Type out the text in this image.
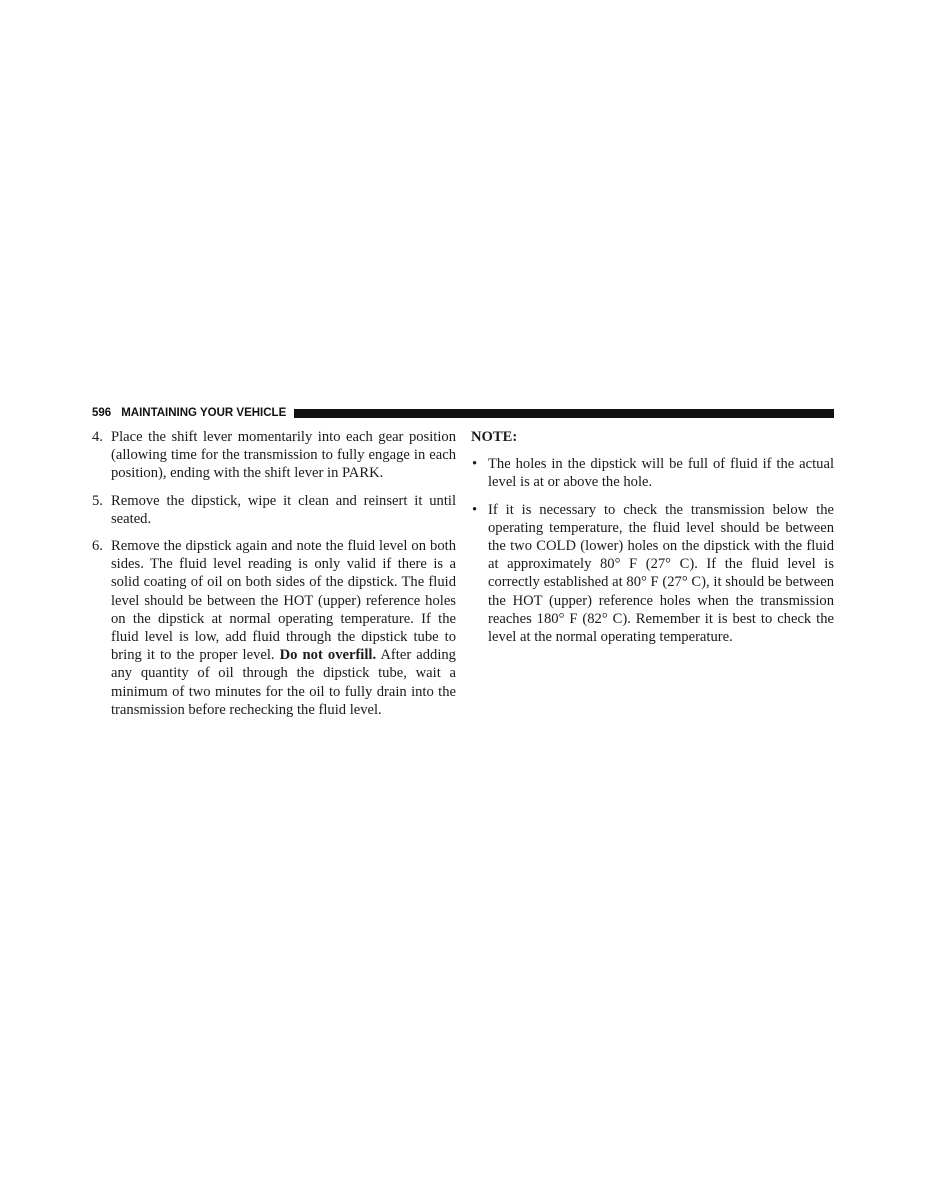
596 MAINTAINING YOUR VEHICLE
4. Place the shift lever momentarily into each gear position (allowing time for the transmission to fully engage in each position), ending with the shift lever in PARK.
5. Remove the dipstick, wipe it clean and reinsert it until seated.
6. Remove the dipstick again and note the fluid level on both sides. The fluid level reading is only valid if there is a solid coating of oil on both sides of the dipstick. The fluid level should be between the HOT (upper) reference holes on the dipstick at normal operating temperature. If the fluid level is low, add fluid through the dipstick tube to bring it to the proper level. Do not overfill. After adding any quantity of oil through the dipstick tube, wait a minimum of two minutes for the oil to fully drain into the transmission before rechecking the fluid level.
NOTE:
• The holes in the dipstick will be full of fluid if the actual level is at or above the hole.
• If it is necessary to check the transmission below the operating temperature, the fluid level should be between the two COLD (lower) holes on the dipstick with the fluid at approximately 80° F (27° C). If the fluid level is correctly established at 80° F (27° C), it should be between the HOT (upper) reference holes when the transmission reaches 180° F (82° C). Remember it is best to check the level at the normal operating temperature.
